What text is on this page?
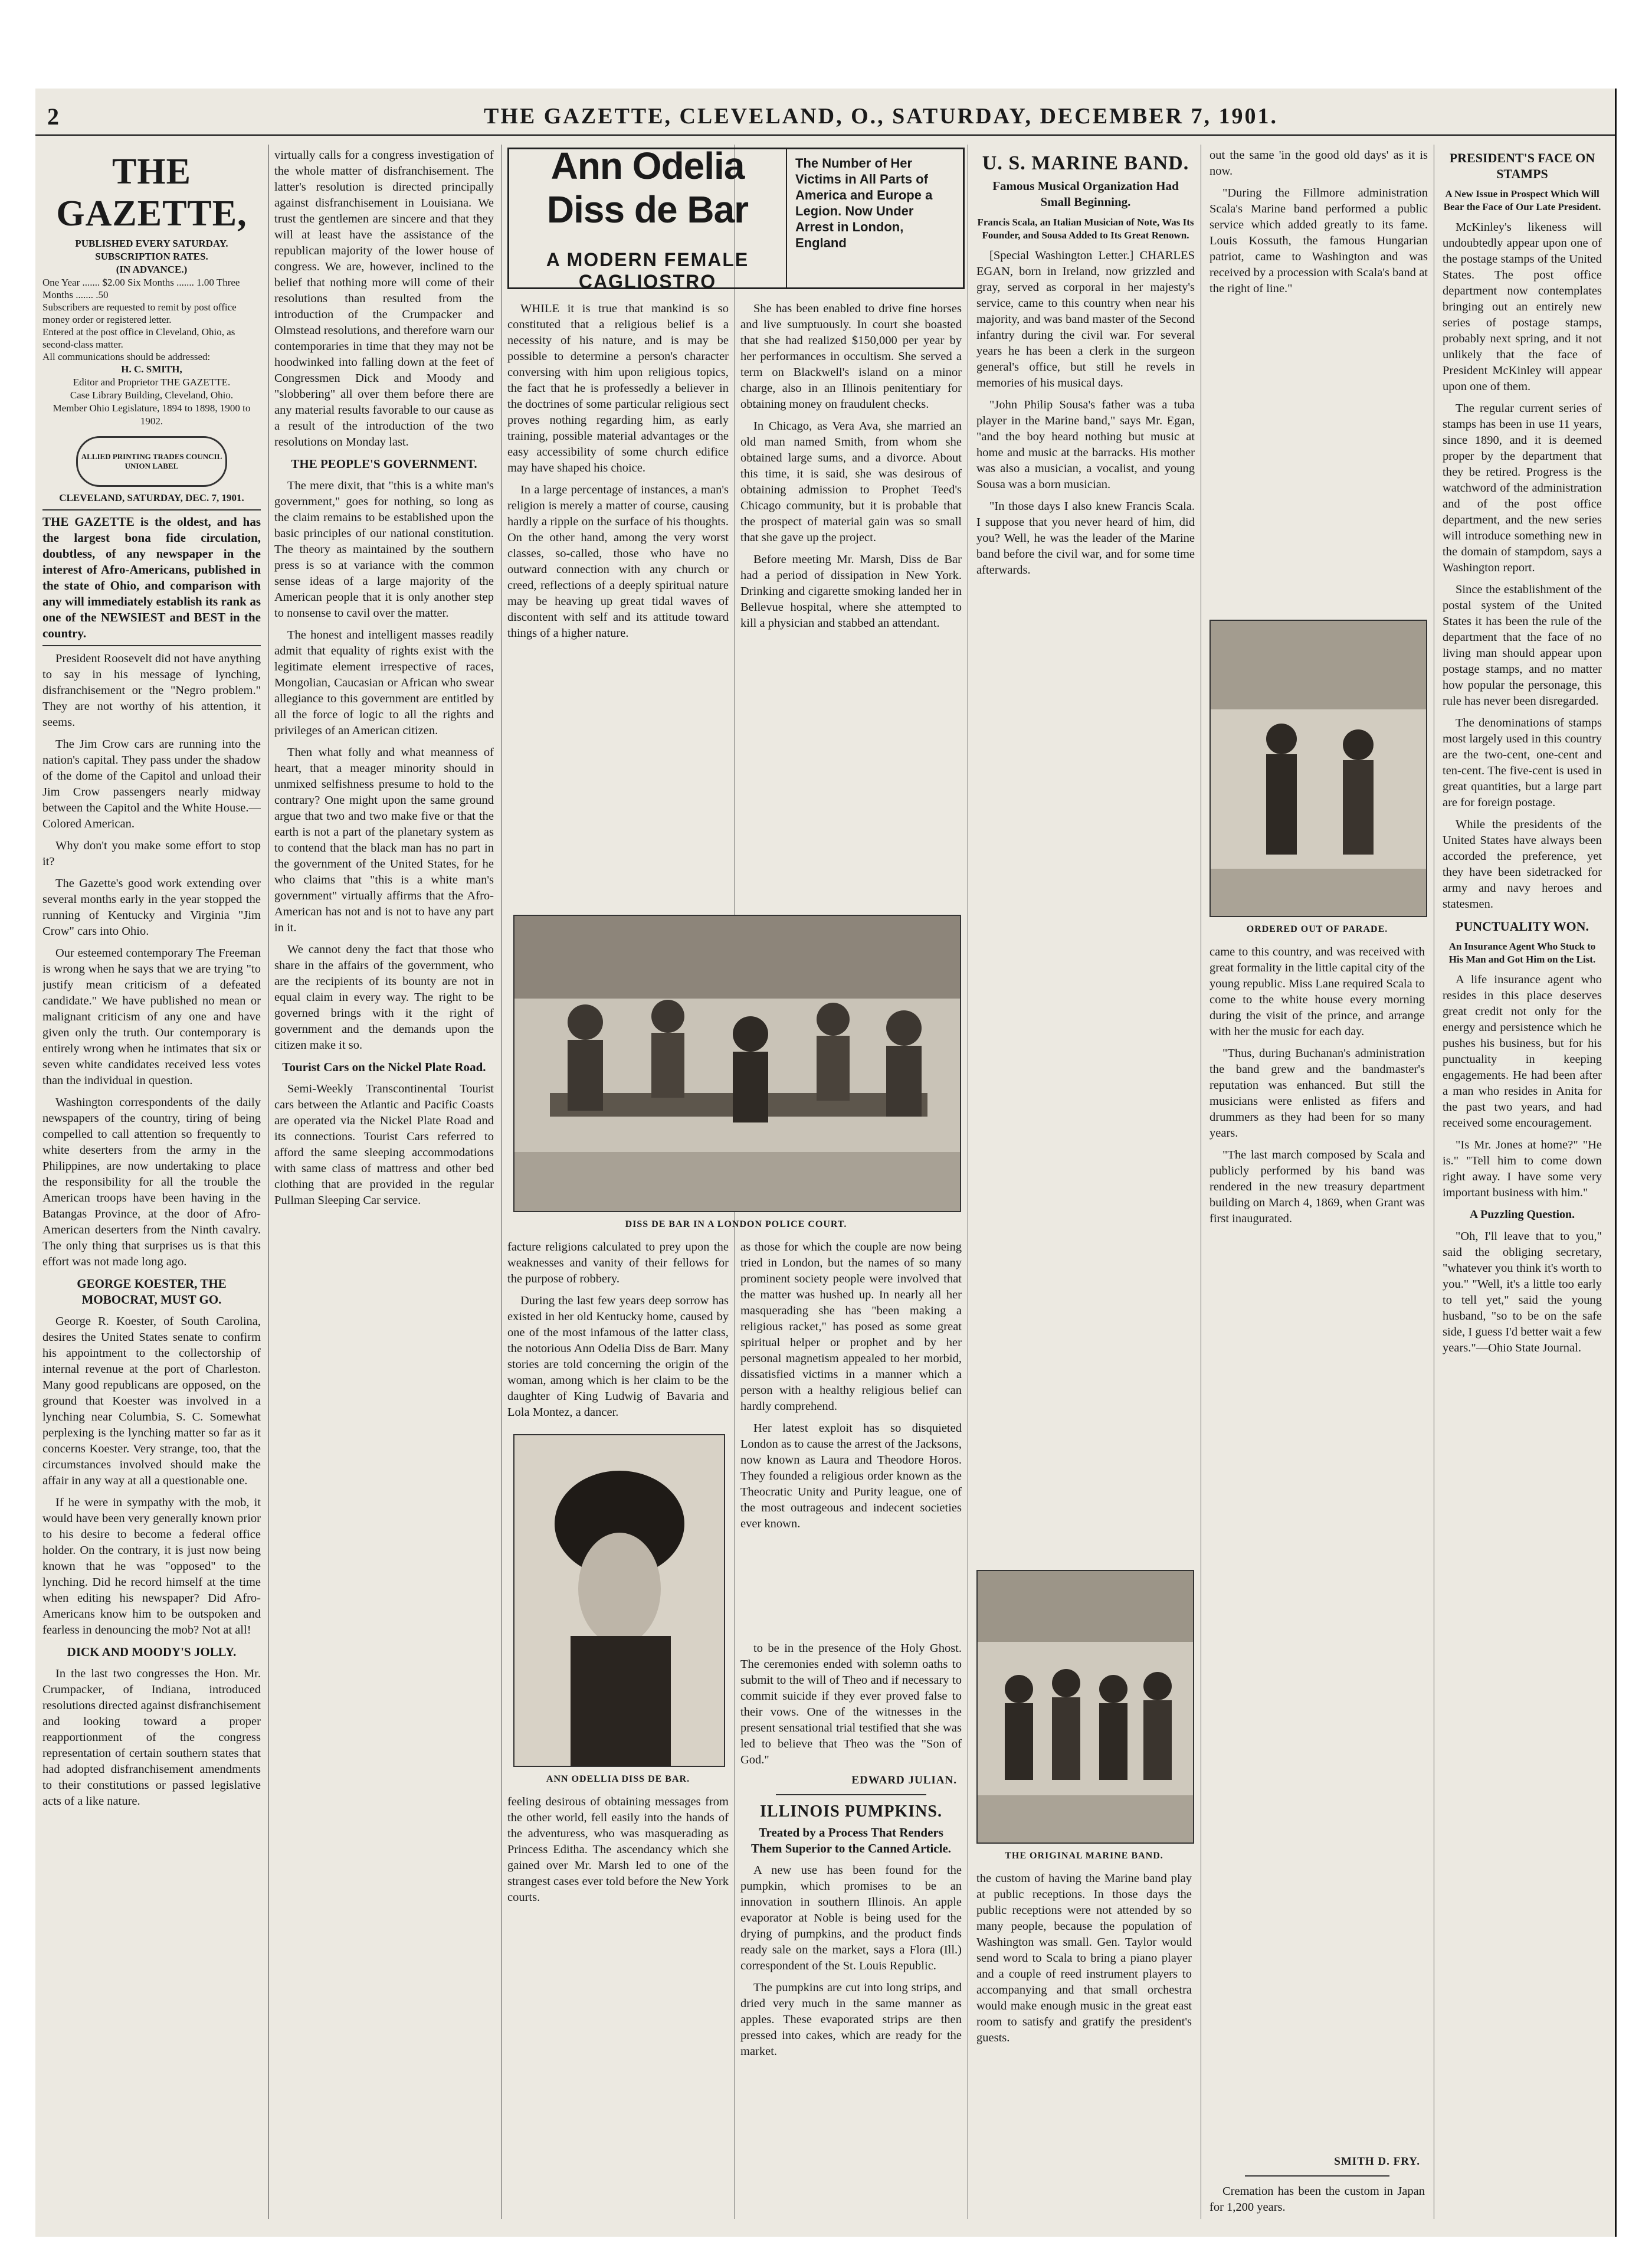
2	THE GAZETTE, CLEVELAND, O., SATURDAY, DECEMBER 7, 1901.
THE GAZETTE,
PUBLISHED EVERY SATURDAY.
SUBSCRIPTION RATES.
(IN ADVANCE.)
One Year ....... $2.00 Six Months ....... 1.00 Three Months ....... .50
Subscribers are requested to remit by post office money order or registered letter.
Entered at the post office in Cleveland, Ohio, as second-class matter.
All communications should be addressed:
H. C. SMITH,
Editor and Proprietor THE GAZETTE.
Case Library Building, Cleveland, Ohio.
Member Ohio Legislature, 1894 to 1898, 1900 to 1902.
ALLIED PRINTING TRADES COUNCIL UNION LABEL
CLEVELAND, SATURDAY, DEC. 7, 1901.
THE GAZETTE is the oldest, and has the largest bona fide circulation, doubtless, of any newspaper in the interest of Afro-Americans, published in the state of Ohio, and comparison with any will immediately establish its rank as one of the NEWSIEST and BEST in the country.

President Roosevelt did not have anything to say in his message of lynching, disfranchisement or the "Negro problem." They are not worthy of his attention, it seems.

The Jim Crow cars are running into the nation's capital. They pass under the shadow of the dome of the Capitol and unload their Jim Crow passengers nearly midway between the Capitol and the White House.—Colored American.

Why don't you make some effort to stop it?

The Gazette's good work extending over several months early in the year stopped the running of Kentucky and Virginia "Jim Crow" cars into Ohio.

Our esteemed contemporary The Freeman is wrong when he says that we are trying "to justify mean criticism of a defeated candidate." We have published no mean or malignant criticism of any one and have given only the truth. Our contemporary is entirely wrong when he intimates that six or seven white candidates received less votes than the individual in question.

Washington correspondents of the daily newspapers of the country, tiring of being compelled to call attention so frequently to white deserters from the army in the Philippines, are now undertaking to place the responsibility for all the trouble the American troops have been having in the Batangas Province, at the door of Afro-American deserters from the Ninth cavalry. The only thing that surprises us is that this effort was not made long ago.

GEORGE KOESTER, THE MOBOCRAT, MUST GO.

George R. Koester, of South Carolina, desires the United States senate to confirm his appointment to the collectorship of internal revenue at the port of Charleston. Many good republicans are opposed, on the ground that Koester was involved in a lynching near Columbia, S. C. Somewhat perplexing is the lynching matter so far as it concerns Koester. Very strange, too, that the circumstances involved should make the affair in any way at all a questionable one.

If he were in sympathy with the mob, it would have been very generally known prior to his desire to become a federal office holder. On the contrary, it is just now being known that he was "opposed" to the lynching. Did he record himself at the time when editing his newspaper? Did Afro-Americans know him to be outspoken and fearless in denouncing the mob? Not at all!

DICK AND MOODY'S JOLLY.

In the last two congresses the Hon. Mr. Crumpacker, of Indiana, introduced resolutions directed against disfranchisement and looking toward a proper reapportionment of the congress representation of certain southern states that had adopted disfranchisement amendments to their constitutions or passed legislative acts of a like nature.

virtually calls for a congress investigation of the whole matter of disfranchisement. The latter's resolution is directed principally against disfranchisement in Louisiana. We trust the gentlemen are sincere and that they will at least have the assistance of the republican majority of the lower house of congress. We are, however, inclined to the belief that nothing more will come of their resolutions than resulted from the introduction of the Crumpacker and Olmstead resolutions, and therefore warn our contemporaries in time that they may not be hoodwinked into falling down at the feet of Congressmen Dick and Moody and "slobbering" all over them before there are any material results favorable to our cause as a result of the introduction of the two resolutions on Monday last.

THE PEOPLE'S GOVERNMENT.

The mere dixit, that "this is a white man's government," goes for nothing, so long as the claim remains to be established upon the basic principles of our national constitution. The theory as maintained by the southern press is so at variance with the common sense ideas of a large majority of the American people that it is only another step to nonsense to cavil over the matter.

The honest and intelligent masses readily admit that equality of rights exist with the legitimate element irrespective of races, Mongolian, Caucasian or African who swear allegiance to this government are entitled by all the force of logic to all the rights and privileges of an American citizen.

Then what folly and what meanness of heart, that a meager minority should in unmixed selfishness presume to hold to the contrary? One might upon the same ground argue that two and two make five or that the earth is not a part of the planetary system as to contend that the black man has no part in the government of the United States, for he who claims that "this is a white man's government" virtually affirms that the Afro-American has not and is not to have any part in it.

We cannot deny the fact that those who share in the affairs of the government, who are the recipients of its bounty are not in equal claim in every way. The right to be governed brings with it the right of government and the demands upon the citizen make it so.

Tourist Cars on the Nickel Plate Road.

Semi-Weekly Transcontinental Tourist cars between the Atlantic and Pacific Coasts are operated via the Nickel Plate Road and its connections. Tourist Cars referred to afford the same sleeping accommodations with same class of mattress and other bed clothing that are provided in the regular Pullman Sleeping Car service.

Ann Odelia Diss de Bar
A MODERN FEMALE CAGLIOSTRO
The Number of Her Victims in All Parts of America and Europe a Legion. Now Under Arrest in London, England

WHILE it is true that mankind is so constituted that a religious belief is a necessity of his nature, and is may be possible to determine a person's character conversing with him upon religious topics, the fact that he is professedly a believer in the doctrines of some particular religious sect proves nothing regarding him, as early training, possible material advantages or the easy accessibility of some church edifice may have shaped his choice.

In a large percentage of instances, a man's religion is merely a matter of course, causing hardly a ripple on the surface of his thoughts. On the other hand, among the very worst classes, so-called, those who have no outward connection with any church or creed, reflections of a deeply spiritual nature may be heaving up great tidal waves of discontent with self and its attitude toward things of a higher nature.

She has been enabled to drive fine horses and live sumptuously. In court she boasted that she had realized $150,000 per year by her performances in occultism. She served a term on Blackwell's island on a minor charge, also in an Illinois penitentiary for obtaining money on fraudulent checks.

In Chicago, as Vera Ava, she married an old man named Smith, from whom she obtained large sums, and a divorce. About this time, it is said, she was desirous of obtaining admission to Prophet Teed's Chicago community, but it is probable that the prospect of material gain was so small that she gave up the project.

Before meeting Mr. Marsh, Diss de Bar had a period of dissipation in New York. Drinking and cigarette smoking landed her in Bellevue hospital, where she attempted to kill a physician and stabbed an attendant.

DISS DE BAR IN A LONDON POLICE COURT.

facture religions calculated to prey upon the weaknesses and vanity of their fellows for the purpose of robbery.

During the last few years deep sorrow has existed in her old Kentucky home, caused by one of the most infamous of the latter class, the notorious Ann Odelia Diss de Barr. Many stories are told concerning the origin of the woman, among which is her claim to be the daughter of King Ludwig of Bavaria and Lola Montez, a dancer.

as those for which the couple are now being tried in London, but the names of so many prominent society people were involved that the matter was hushed up. In nearly all her masquerading she has "been making a religious racket," has posed as some great spiritual helper or prophet and by her personal magnetism appealed to her morbid, dissatisfied victims in a manner which a person with a healthy religious belief can hardly comprehend.

Her latest exploit has so disquieted London as to cause the arrest of the Jacksons, now known as Laura and Theodore Horos. They founded a religious order known as the Theocratic Unity and Purity league, one of the most outrageous and indecent societies ever known.

ANN ODELLIA DISS DE BAR.

feeling desirous of obtaining messages from the other world, fell easily into the hands of the adventuress, who was masquerading as Princess Editha. The ascendancy which she gained over Mr. Marsh led to one of the strangest cases ever told before the New York courts.

to be in the presence of the Holy Ghost. The ceremonies ended with solemn oaths to submit to the will of Theo and if necessary to commit suicide if they ever proved false to their vows. One of the witnesses in the present sensational trial testified that she was led to believe that Theo was the "Son of God."

EDWARD JULIAN.
ILLINOIS PUMPKINS.
Treated by a Process That Renders Them Superior to the Canned Article.

A new use has been found for the pumpkin, which promises to be an innovation in southern Illinois. An apple evaporator at Noble is being used for the drying of pumpkins, and the product finds ready sale on the market, says a Flora (Ill.) correspondent of the St. Louis Republic.

The pumpkins are cut into long strips, and dried very much in the same manner as apples. These evaporated strips are then pressed into cakes, which are ready for the market.

U. S. MARINE BAND.
Famous Musical Organization Had Small Beginning.
Francis Scala, an Italian Musician of Note, Was Its Founder, and Sousa Added to Its Great Renown.

[Special Washington Letter.] CHARLES EGAN, born in Ireland, now grizzled and gray, served as corporal in her majesty's service, came to this country when near his majority, and was band master of the Second infantry during the civil war. For several years he has been a clerk in the surgeon general's office, but still he revels in memories of his musical days.

"John Philip Sousa's father was a tuba player in the Marine band," says Mr. Egan, "and the boy heard nothing but music at home and music at the barracks. His mother was also a musician, a vocalist, and young Sousa was a born musician.

"In those days I also knew Francis Scala. I suppose that you never heard of him, did you? Well, he was the leader of the Marine band before the civil war, and for some time afterwards.

THE ORIGINAL MARINE BAND.

the custom of having the Marine band play at public receptions. In those days the public receptions were not attended by so many people, because the population of Washington was small. Gen. Taylor would send word to Scala to bring a piano player and a couple of reed instrument players to accompanying and that small orchestra would make enough music in the great east room to satisfy and gratify the president's guests.

out the same 'in the good old days' as it is now.

"During the Fillmore administration Scala's Marine band performed a public service which added greatly to its fame. Louis Kossuth, the famous Hungarian patriot, came to Washington and was received by a procession with Scala's band at the right of line."

ORDERED OUT OF PARADE.

came to this country, and was received with great formality in the little capital city of the young republic. Miss Lane required Scala to come to the white house every morning during the visit of the prince, and arrange with her the music for each day.

"Thus, during Buchanan's administration the band grew and the bandmaster's reputation was enhanced. But still the musicians were enlisted as fifers and drummers as they had been for so many years.

"The last march composed by Scala and publicly performed by his band was rendered in the new treasury department building on March 4, 1869, when Grant was first inaugurated.

SMITH D. FRY.

Cremation has been the custom in Japan for 1,200 years.

PRESIDENT'S FACE ON STAMPS
A New Issue in Prospect Which Will Bear the Face of Our Late President.

McKinley's likeness will undoubtedly appear upon one of the postage stamps of the United States. The post office department now contemplates bringing out an entirely new series of postage stamps, probably next spring, and it not unlikely that the face of President McKinley will appear upon one of them.

The regular current series of stamps has been in use 11 years, since 1890, and it is deemed proper by the department that they be retired. Progress is the watchword of the administration and of the post office department, and the new series will introduce something new in the domain of stampdom, says a Washington report.

Since the establishment of the postal system of the United States it has been the rule of the department that the face of no living man should appear upon postage stamps, and no matter how popular the personage, this rule has never been disregarded.

The denominations of stamps most largely used in this country are the two-cent, one-cent and ten-cent. The five-cent is used in great quantities, but a large part are for foreign postage.

While the presidents of the United States have always been accorded the preference, yet they have been sidetracked for army and navy heroes and statesmen.

PUNCTUALITY WON.
An Insurance Agent Who Stuck to His Man and Got Him on the List.

A life insurance agent who resides in this place deserves great credit not only for the energy and persistence which he pushes his business, but for his punctuality in keeping engagements. He had been after a man who resides in Anita for the past two years, and had received some encouragement.

"Is Mr. Jones at home?" "He is." "Tell him to come down right away. I have some very important business with him."

A Puzzling Question.

"Oh, I'll leave that to you," said the obliging secretary, "whatever you think it's worth to you." "Well, it's a little too early to tell yet," said the young husband, "so to be on the safe side, I guess I'd better wait a few years."—Ohio State Journal.
